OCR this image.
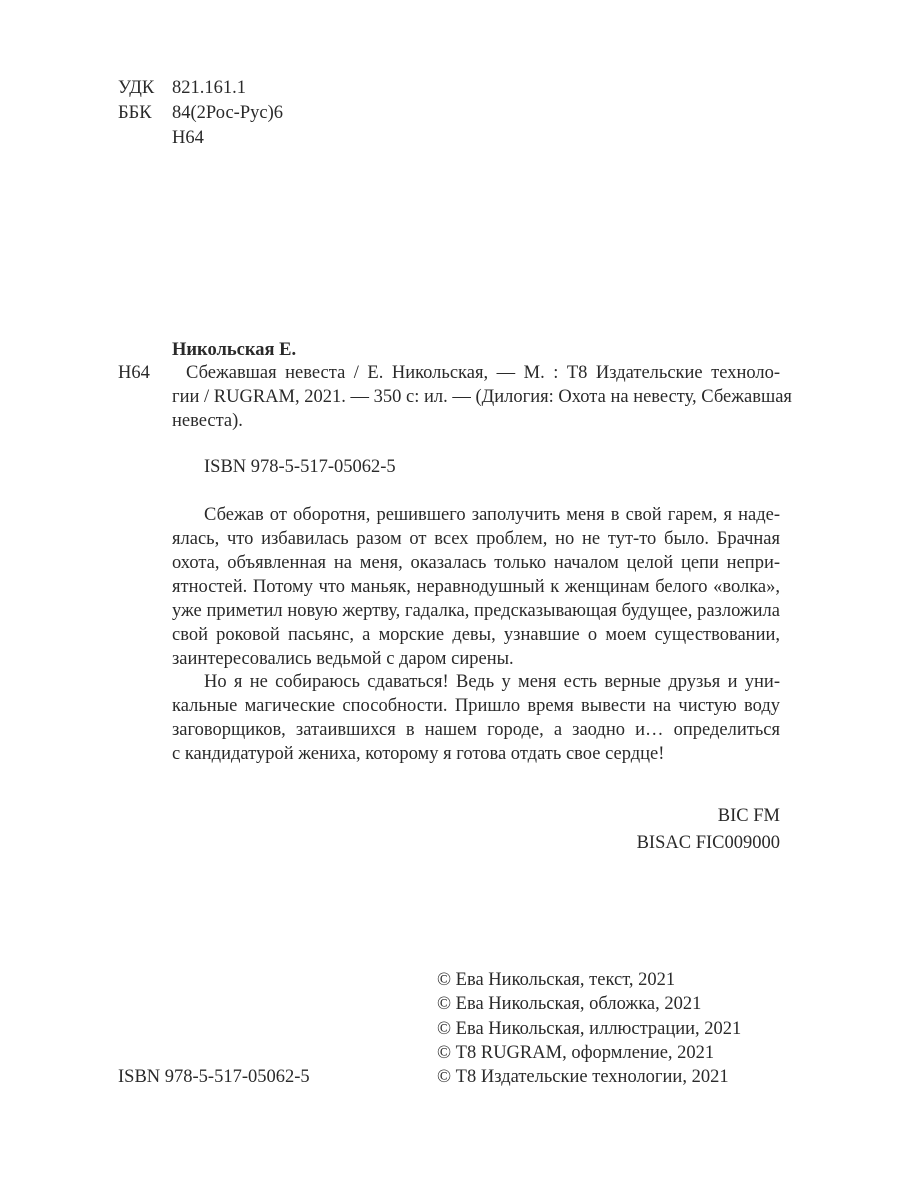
УДК 821.161.1
ББК 84(2Рос-Рус)6
Н64
Никольская Е.
Н64 Сбежавшая невеста / Е. Никольская, — М. : Т8 Издательские техноло-
гии / RUGRAM, 2021. — 350 с: ил. — (Дилогия: Охота на невесту, Сбежавшая
невеста).
ISBN 978-5-517-05062-5
Сбежав от оборотня, решившего заполучить меня в свой гарем, я наде-
ялась, что избавилась разом от всех проблем, но не тут-то было. Брачная
охота, объявленная на меня, оказалась только началом целой цепи непри-
ятностей. Потому что маньяк, неравнодушный к женщинам белого «волка»,
уже приметил новую жертву, гадалка, предсказывающая будущее, разложила
свой роковой пасьянс, а морские девы, узнавшие о моем существовании,
заинтересовались ведьмой с даром сирены.
Но я не собираюсь сдаваться! Ведь у меня есть верные друзья и уни-
кальные магические способности. Пришло время вывести на чистую воду
заговорщиков, затаившихся в нашем городе, а заодно и… определиться
с кандидатурой жениха, которому я готова отдать свое сердце!
BIC FM
BISAC FIC009000
ISBN 978-5-517-05062-5
© Ева Никольская, текст, 2021
© Ева Никольская, обложка, 2021
© Ева Никольская, иллюстрации, 2021
© Т8 RUGRAM, оформление, 2021
© Т8 Издательские технологии, 2021
